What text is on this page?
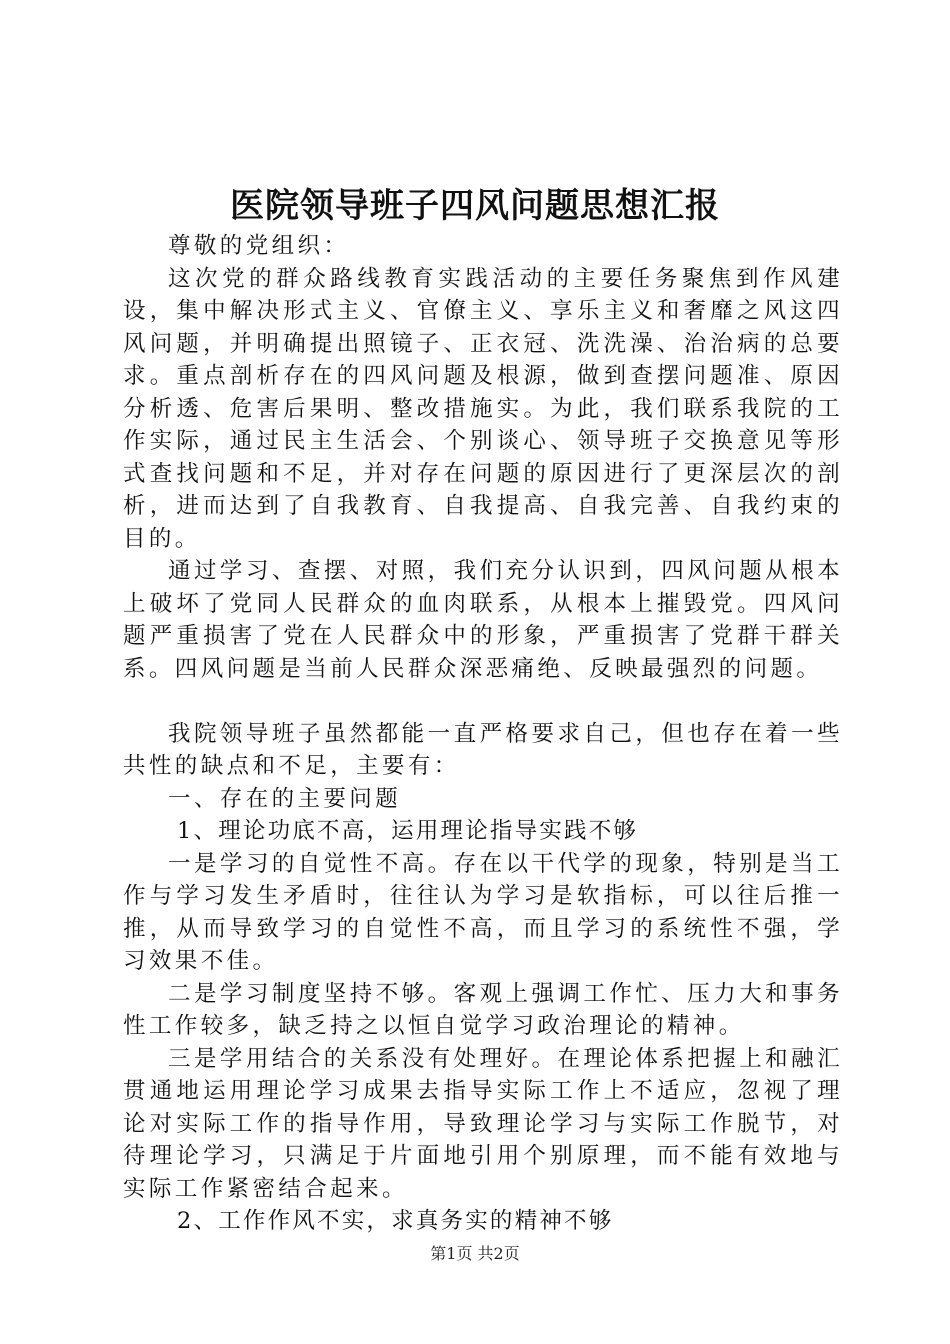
医院领导班子四风问题思想汇报

尊敬的党组织：

这次党的群众路线教育实践活动的主要任务聚焦到作风建设，集中解决形式主义、官僚主义、享乐主义和奢靡之风这四风问题，并明确提出照镜子、正衣冠、洗洗澡、治治病的总要求。重点剖析存在的四风问题及根源，做到查摆问题准、原因分析透、危害后果明、整改措施实。为此，我们联系我院的工作实际，通过民主生活会、个别谈心、领导班子交换意见等形式查找问题和不足，并对存在问题的原因进行了更深层次的剖析，进而达到了自我教育、自我提高、自我完善、自我约束的目的。

通过学习、查摆、对照，我们充分认识到，四风问题从根本上破坏了党同人民群众的血肉联系，从根本上摧毁党。四风问题严重损害了党在人民群众中的形象，严重损害了党群干群关系。四风问题是当前人民群众深恶痛绝、反映最强烈的问题。

我院领导班子虽然都能一直严格要求自己，但也存在着一些共性的缺点和不足，主要有：

一、存在的主要问题

1、理论功底不高，运用理论指导实践不够

一是学习的自觉性不高。存在以干代学的现象，特别是当工作与学习发生矛盾时，往往认为学习是软指标，可以往后推一推，从而导致学习的自觉性不高，而且学习的系统性不强，学习效果不佳。

二是学习制度坚持不够。客观上强调工作忙、压力大和事务性工作较多，缺乏持之以恒自觉学习政治理论的精神。

三是学用结合的关系没有处理好。在理论体系把握上和融汇贯通地运用理论学习成果去指导实际工作上不适应，忽视了理论对实际工作的指导作用，导致理论学习与实际工作脱节，对待理论学习，只满足于片面地引用个别原理，而不能有效地与实际工作紧密结合起来。

2、工作作风不实，求真务实的精神不够

第1页 共2页
